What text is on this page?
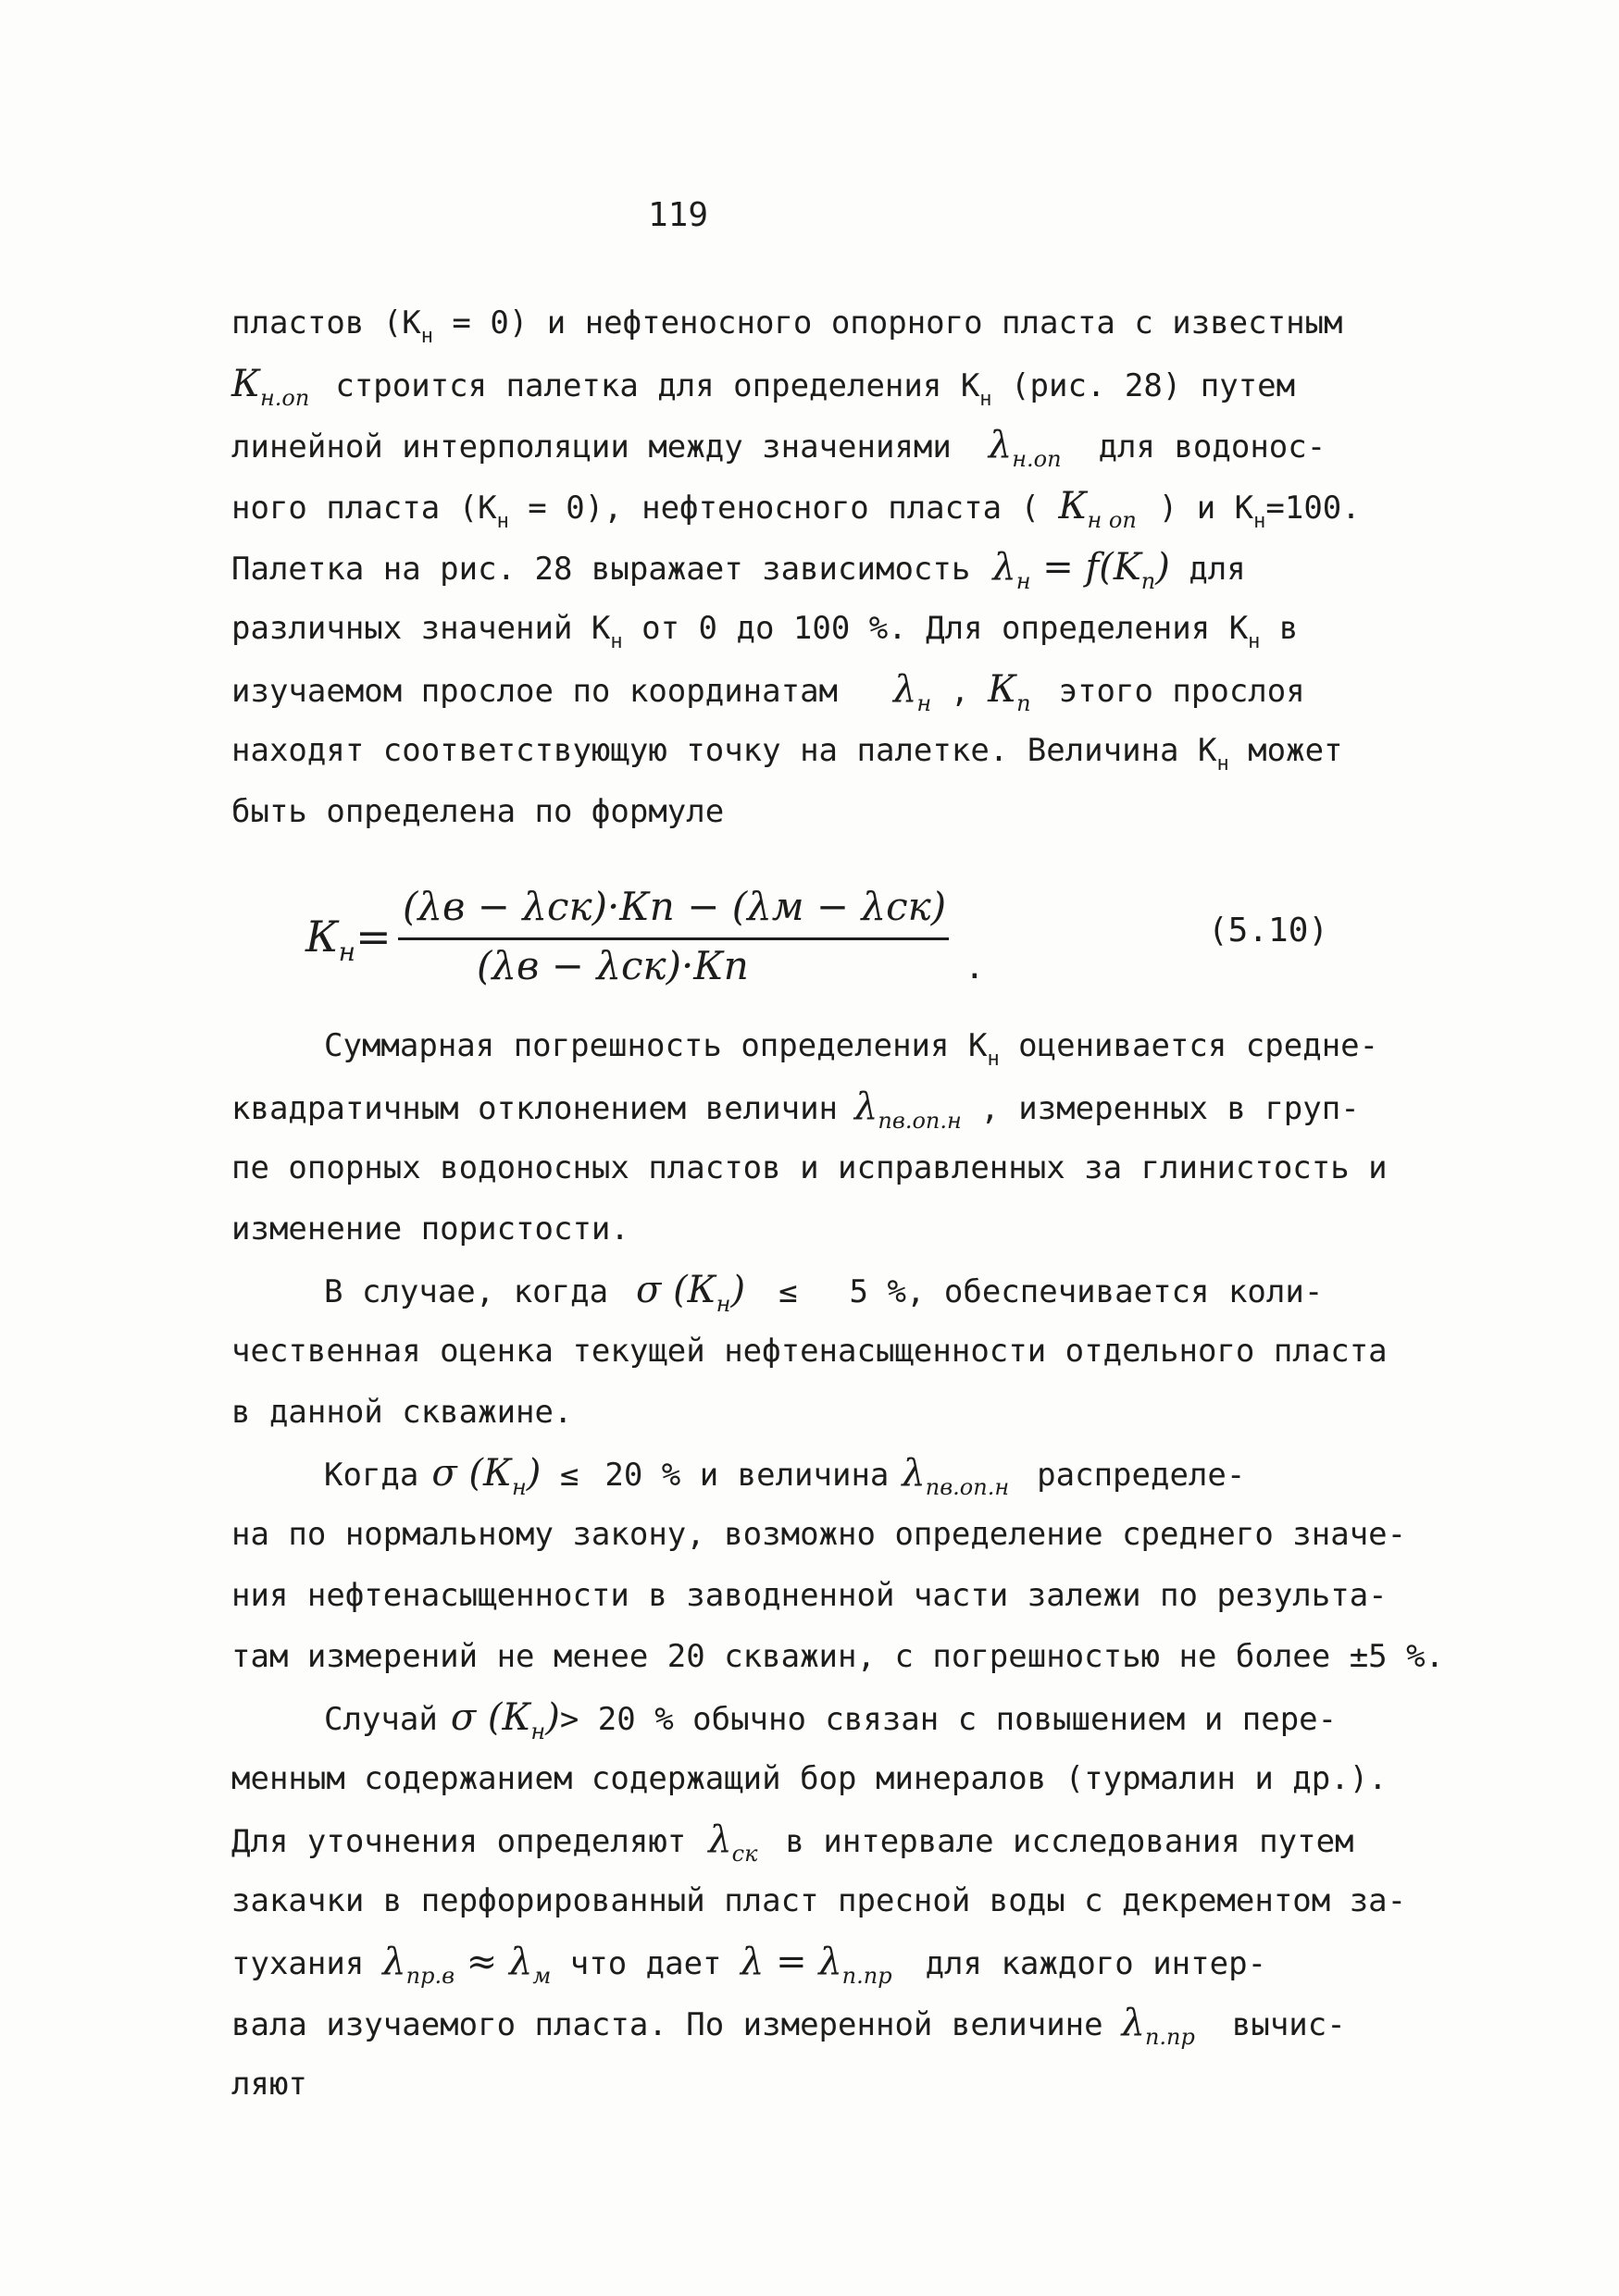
119
пластов $(К_н = 0)$ и нефтеносного опорного пласта с известным
$К_{н.оп}$ строится палетка для определения $К_н$ (рис. 28) путем
линейной интерполяции между значениями $\lambda_{н.оп}$ для водонос-
ного пласта $(К_н = 0)$, нефтеносного пласта ( $К_{н оп}$ ) и $К_н=100$.
Палетка на рис. 28 выражает зависимость $\lambda_н = f(K_п)$ для
различных значений $К_н$ от 0 до 100 %. Для определения $К_н$ в
изучаемом прослое по координатам $\lambda_н$ , $К_п$ этого прослоя
находят соответствующую точку на палетке. Величина $К_н$ может
быть определена по формуле
$К_н=$
(λв − λск)·Кп − (λм − λск)
(λв − λск)·Кп	.
(5.10)
Суммарная погрешность определения $К_н$ оценивается средне-
квадратичным отклонением величин $\lambda_{пв.оп.н}$ , измеренных в груп-
пе опорных водоносных пластов и исправленных за глинистость и
изменение пористости.
В случае, когда σ $(К_н) \le 5$ %, обеспечивается коли-
чественная оценка текущей нефтенасыщенности отдельного пласта
в данной скважине.
Когда σ $(К_н) \le 20$ % и величина $\lambda_{пв.оп.н}$ распределе-
на по нормальному закону, возможно определение среднего значе-
ния нефтенасыщенности в заводненной части залежи по результа-
там измерений не менее 20 скважин, с погрешностью не более ±5 %.
Случай σ $(К_н)> 20$ % обычно связан с повышением и пере-
менным содержанием содержащий бор минералов (турмалин и др.).
Для уточнения определяют $\lambda_{ск}$ в интервале исследования путем
закачки в перфорированный пласт пресной воды с декрементом за-
тухания $\lambda_{пр.в} \approx \lambda_м$ что дает $\lambda = \lambda_{п.пр}$ для каждого интер-
вала изучаемого пласта. По измеренной величине $\lambda_{п.пр}$ вычис-
ляют
